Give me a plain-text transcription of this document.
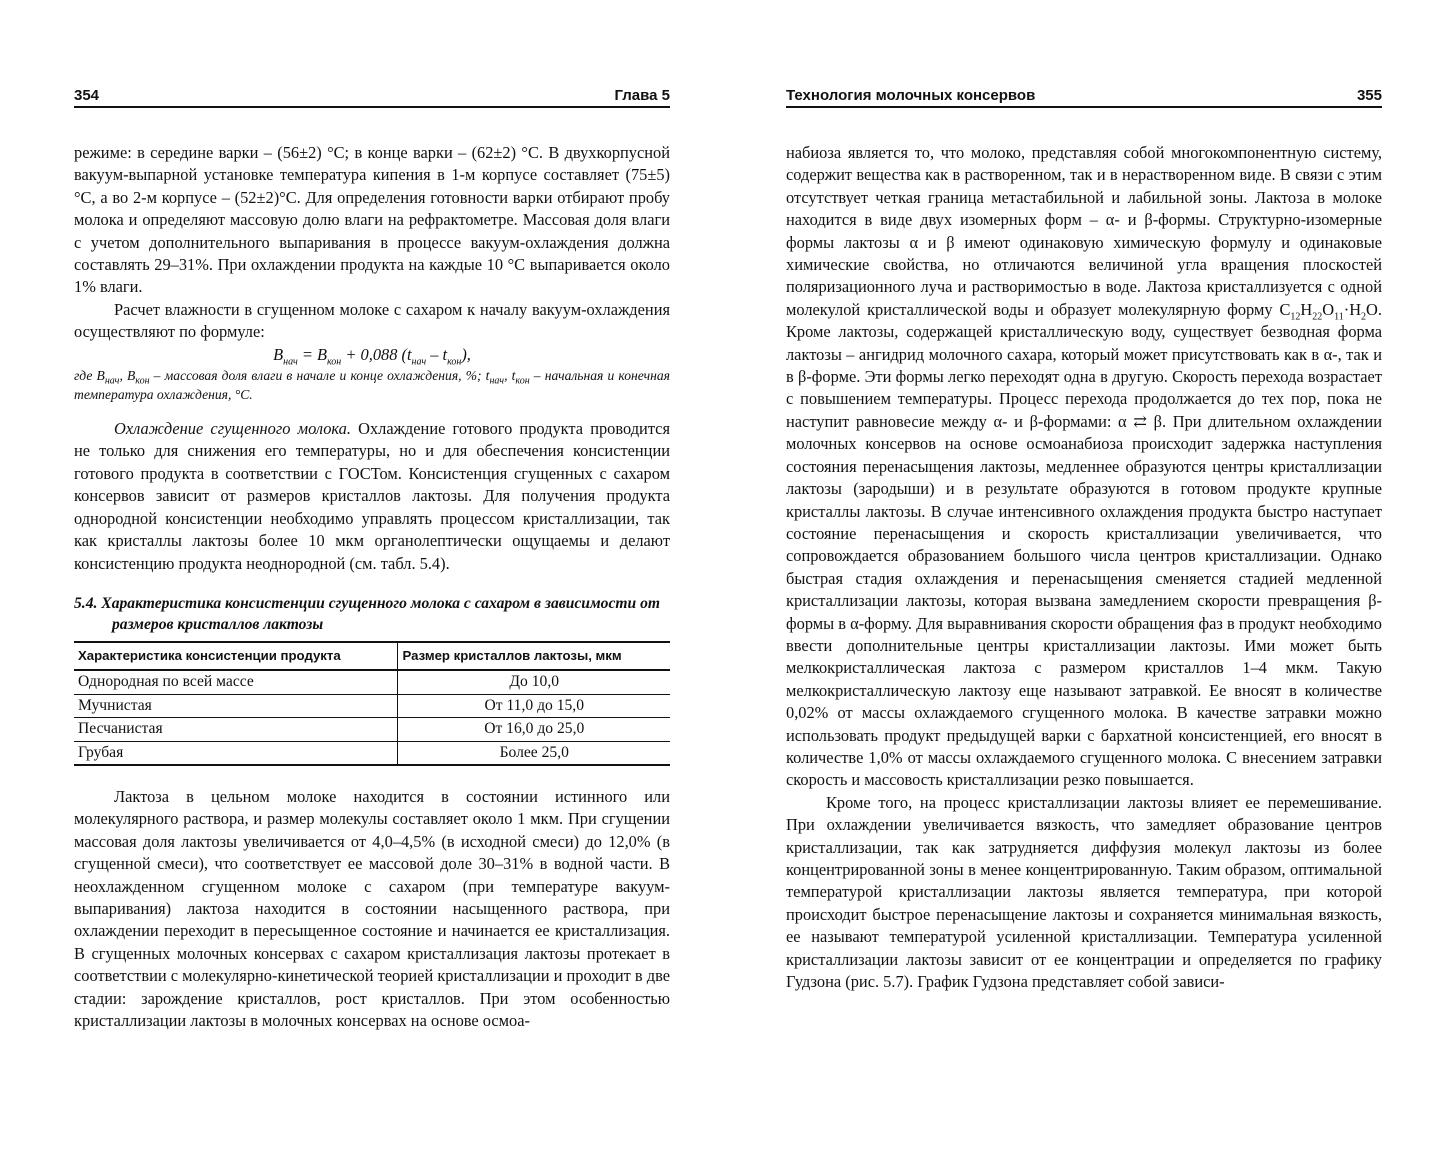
354	Глава 5

режиме: в середине варки – (56±2) °С; в конце варки – (62±2) °С. В двухкорпусной вакуум-выпарной установке температура кипения в 1-м корпусе составляет (75±5) °С, а во 2-м корпусе – (52±2)°С. Для определения готовности варки отбирают пробу молока и определяют массовую долю влаги на рефрактометре. Массовая доля влаги с учетом дополнительного выпаривания в процессе вакуум-охлаждения должна составлять 29–31%. При охлаждении продукта на каждые 10 °С выпаривается около 1% влаги.

Расчет влажности в сгущенном молоке с сахаром к началу вакуум-охлаждения осуществляют по формуле:

$B_{нач} = B_{кон} + 0,088$ $(t_{нач} - t_{кон})$,

где $B_{нач}$, $B_{кон}$ – массовая доля влаги в начале и конце охлаждения, %; $t_{нач}$, $t_{кон}$ – начальная и конечная температура охлаждения, °С.

Охлаждение сгущенного молока. Охлаждение готового продукта проводится не только для снижения его температуры, но и для обеспечения консистенции готового продукта в соответствии с ГОСТом. Консистенция сгущенных с сахаром консервов зависит от размеров кристаллов лактозы. Для получения продукта однородной консистенции необходимо управлять процессом кристаллизации, так как кристаллы лактозы более 10 мкм органолептически ощущаемы и делают консистенцию продукта неоднородной (см. табл. 5.4).

5.4. Характеристика консистенции сгущенного молока с сахаром в зависимости от размеров кристаллов лактозы

Характеристика консистенции продукта	Размер кристаллов лактозы, мкм
Однородная по всей массе	До 10,0
Мучнистая	От 11,0 до 15,0
Песчанистая	От 16,0 до 25,0
Грубая	Более 25,0

Лактоза в цельном молоке находится в состоянии истинного или молекулярного раствора, и размер молекулы составляет около 1 мкм. При сгущении массовая доля лактозы увеличивается от 4,0–4,5% (в исходной смеси) до 12,0% (в сгущенной смеси), что соответствует ее массовой доле 30–31% в водной части. В неохлажденном сгущенном молоке с сахаром (при температуре вакуум-выпаривания) лактоза находится в состоянии насыщенного раствора, при охлаждении переходит в пересыщенное состояние и начинается ее кристаллизация. В сгущенных молочных консервах с сахаром кристаллизация лактозы протекает в соответствии с молекулярно-кинетической теорией кристаллизации и проходит в две стадии: зарождение кристаллов, рост кристаллов. При этом особенностью кристаллизации лактозы в молочных консервах на основе осмоа-

Технология молочных консервов	355

набиоза является то, что молоко, представляя собой многокомпонентную систему, содержит вещества как в растворенном, так и в нерастворенном виде. В связи с этим отсутствует четкая граница метастабильной и лабильной зоны. Лактоза в молоке находится в виде двух изомерных форм – α- и β-формы. Структурно-изомерные формы лактозы α и β имеют одинаковую химическую формулу и одинаковые химические свойства, но отличаются величиной угла вращения плоскостей поляризационного луча и растворимостью в воде. Лактоза кристаллизуется с одной молекулой кристаллической воды и образует молекулярную форму $C_{12}H_{22}O_{11}\cdot H_2O$. Кроме лактозы, содержащей кристаллическую воду, существует безводная форма лактозы – ангидрид молочного сахара, который может присутствовать как в α-, так и в β-форме. Эти формы легко переходят одна в другую. Скорость перехода возрастает с повышением температуры. Процесс перехода продолжается до тех пор, пока не наступит равновесие между α- и β-формами: α ⇄ β. При длительном охлаждении молочных консервов на основе осмоанабиоза происходит задержка наступления состояния перенасыщения лактозы, медленнее образуются центры кристаллизации лактозы (зародыши) и в результате образуются в готовом продукте крупные кристаллы лактозы. В случае интенсивного охлаждения продукта быстро наступает состояние перенасыщения и скорость кристаллизации увеличивается, что сопровождается образованием большого числа центров кристаллизации. Однако быстрая стадия охлаждения и перенасыщения сменяется стадией медленной кристаллизации лактозы, которая вызвана замедлением скорости превращения β-формы в α-форму. Для выравнивания скорости обращения фаз в продукт необходимо ввести дополнительные центры кристаллизации лактозы. Ими может быть мелкокристаллическая лактоза с размером кристаллов 1–4 мкм. Такую мелкокристаллическую лактозу еще называют затравкой. Ее вносят в количестве 0,02% от массы охлаждаемого сгущенного молока. В качестве затравки можно использовать продукт предыдущей варки с бархатной консистенцией, его вносят в количестве 1,0% от массы охлаждаемого сгущенного молока. С внесением затравки скорость и массовость кристаллизации резко повышается.

Кроме того, на процесс кристаллизации лактозы влияет ее перемешивание. При охлаждении увеличивается вязкость, что замедляет образование центров кристаллизации, так как затрудняется диффузия молекул лактозы из более концентрированной зоны в менее концентрированную. Таким образом, оптимальной температурой кристаллизации лактозы является температура, при которой происходит быстрое перенасыщение лактозы и сохраняется минимальная вязкость, ее называют температурой усиленной кристаллизации. Температура усиленной кристаллизации лактозы зависит от ее концентрации и определяется по графику Гудзона (рис. 5.7). График Гудзона представляет собой зависи-
